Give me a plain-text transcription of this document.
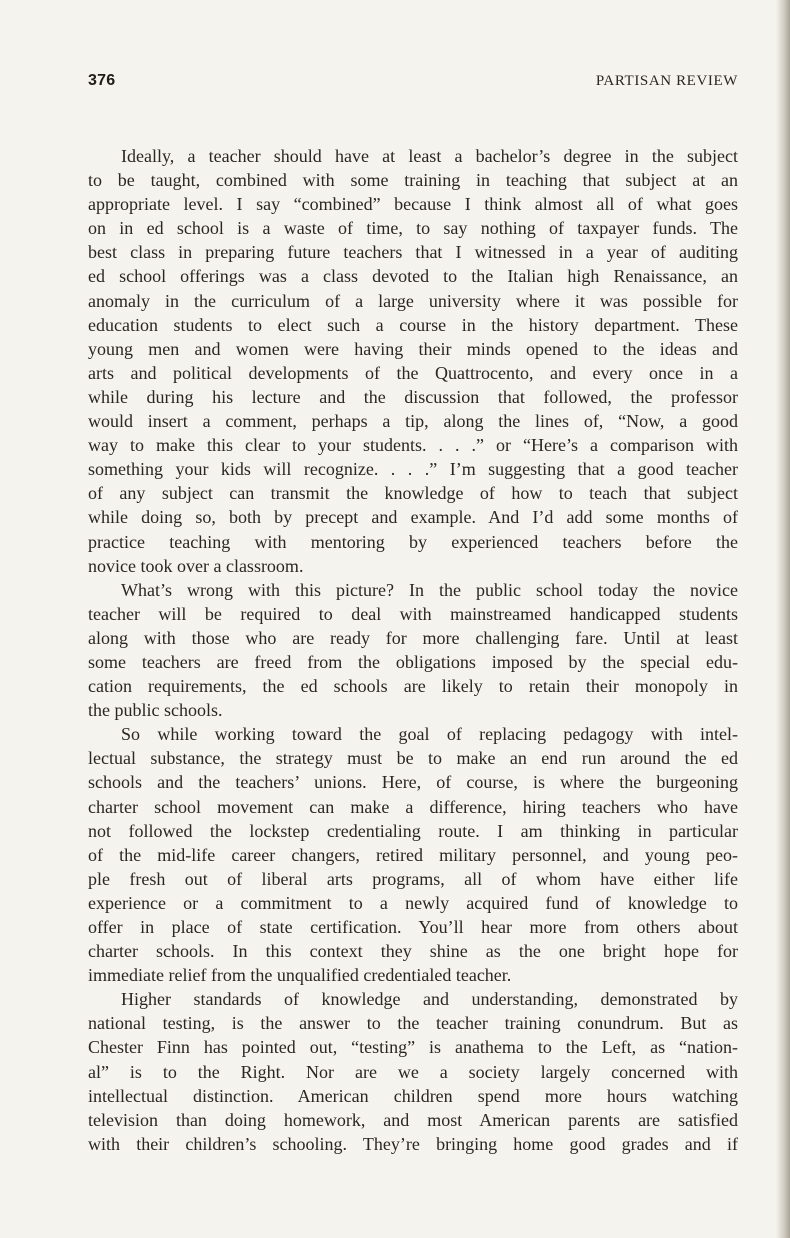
376	PARTISAN REVIEW
Ideally, a teacher should have at least a bachelor’s degree in the subject
to be taught, combined with some training in teaching that subject at an
appropriate level. I say “combined” because I think almost all of what goes
on in ed school is a waste of time, to say nothing of taxpayer funds. The
best class in preparing future teachers that I witnessed in a year of auditing
ed school offerings was a class devoted to the Italian high Renaissance, an
anomaly in the curriculum of a large university where it was possible for
education students to elect such a course in the history department. These
young men and women were having their minds opened to the ideas and
arts and political developments of the Quattrocento, and every once in a
while during his lecture and the discussion that followed, the professor
would insert a comment, perhaps a tip, along the lines of, “Now, a good
way to make this clear to your students. . . .” or “Here’s a comparison with
something your kids will recognize. . . .” I’m suggesting that a good teacher
of any subject can transmit the knowledge of how to teach that subject
while doing so, both by precept and example. And I’d add some months of
practice teaching with mentoring by experienced teachers before the
novice took over a classroom.
What’s wrong with this picture? In the public school today the novice
teacher will be required to deal with mainstreamed handicapped students
along with those who are ready for more challenging fare. Until at least
some teachers are freed from the obligations imposed by the special edu-
cation requirements, the ed schools are likely to retain their monopoly in
the public schools.
So while working toward the goal of replacing pedagogy with intel-
lectual substance, the strategy must be to make an end run around the ed
schools and the teachers’ unions. Here, of course, is where the burgeoning
charter school movement can make a difference, hiring teachers who have
not followed the lockstep credentialing route. I am thinking in particular
of the mid-life career changers, retired military personnel, and young peo-
ple fresh out of liberal arts programs, all of whom have either life
experience or a commitment to a newly acquired fund of knowledge to
offer in place of state certification. You’ll hear more from others about
charter schools. In this context they shine as the one bright hope for
immediate relief from the unqualified credentialed teacher.
Higher standards of knowledge and understanding, demonstrated by
national testing, is the answer to the teacher training conundrum. But as
Chester Finn has pointed out, “testing” is anathema to the Left, as “nation-
al” is to the Right. Nor are we a society largely concerned with
intellectual distinction. American children spend more hours watching
television than doing homework, and most American parents are satisfied
with their children’s schooling. They’re bringing home good grades and if
